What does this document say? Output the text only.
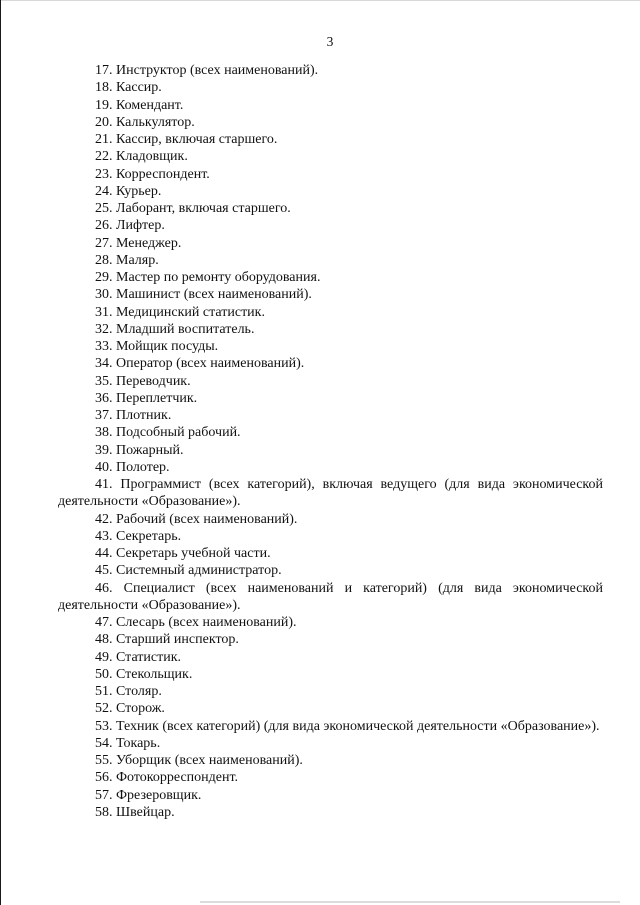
3

17. Инструктор (всех наименований).

18. Кассир.

19. Комендант.

20. Калькулятор.

21. Кассир, включая старшего.

22. Кладовщик.

23. Корреспондент.

24. Курьер.

25. Лаборант, включая старшего.

26. Лифтер.

27. Менеджер.

28. Маляр.

29. Мастер по ремонту оборудования.

30. Машинист (всех наименований).

31. Медицинский статистик.

32. Младший воспитатель.

33. Мойщик посуды.

34. Оператор (всех наименований).

35. Переводчик.

36. Переплетчик.

37. Плотник.

38. Подсобный рабочий.

39. Пожарный.

40. Полотер.

41. Программист (всех категорий), включая ведущего (для вида экономической деятельности «Образование»).

42. Рабочий (всех наименований).

43. Секретарь.

44. Секретарь учебной части.

45. Системный администратор.

46. Специалист (всех наименований и категорий) (для вида экономической деятельности «Образование»).

47. Слесарь (всех наименований).

48. Старший инспектор.

49. Статистик.

50. Стекольщик.

51. Столяр.

52. Сторож.

53. Техник (всех категорий) (для вида экономической деятельности «Образование»).

54. Токарь.

55. Уборщик (всех наименований).

56. Фотокорреспондент.

57. Фрезеровщик.

58. Швейцар.
